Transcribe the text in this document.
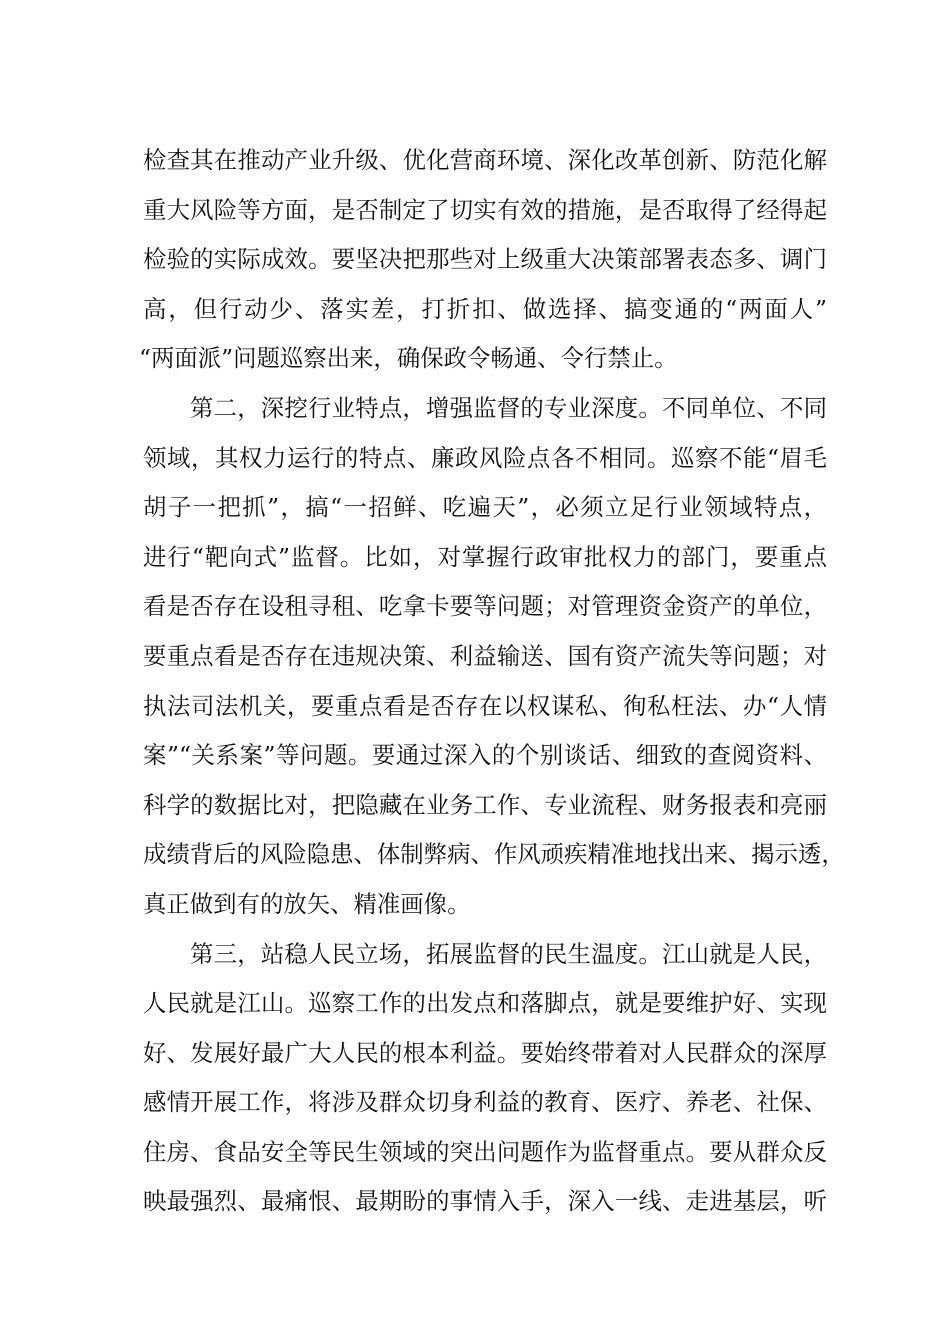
检查其在推动产业升级、优化营商环境、深化改革创新、防范化解
重大风险等方面，是否制定了切实有效的措施，是否取得了经得起
检验的实际成效。要坚决把那些对上级重大决策部署表态多、调门
高，但行动少、落实差，打折扣、做选择、搞变通的“两面人”
“两面派”问题巡察出来，确保政令畅通、令行禁止。
第二，深挖行业特点，增强监督的专业深度。不同单位、不同
领域，其权力运行的特点、廉政风险点各不相同。巡察不能“眉毛
胡子一把抓”，搞“一招鲜、吃遍天”，必须立足行业领域特点，
进行“靶向式”监督。比如，对掌握行政审批权力的部门，要重点
看是否存在设租寻租、吃拿卡要等问题；对管理资金资产的单位，
要重点看是否存在违规决策、利益输送、国有资产流失等问题；对
执法司法机关，要重点看是否存在以权谋私、徇私枉法、办“人情
案”“关系案”等问题。要通过深入的个别谈话、细致的查阅资料、
科学的数据比对，把隐藏在业务工作、专业流程、财务报表和亮丽
成绩背后的风险隐患、体制弊病、作风顽疾精准地找出来、揭示透，
真正做到有的放矢、精准画像。
第三，站稳人民立场，拓展监督的民生温度。江山就是人民，
人民就是江山。巡察工作的出发点和落脚点，就是要维护好、实现
好、发展好最广大人民的根本利益。要始终带着对人民群众的深厚
感情开展工作，将涉及群众切身利益的教育、医疗、养老、社保、
住房、食品安全等民生领域的突出问题作为监督重点。要从群众反
映最强烈、最痛恨、最期盼的事情入手，深入一线、走进基层，听
